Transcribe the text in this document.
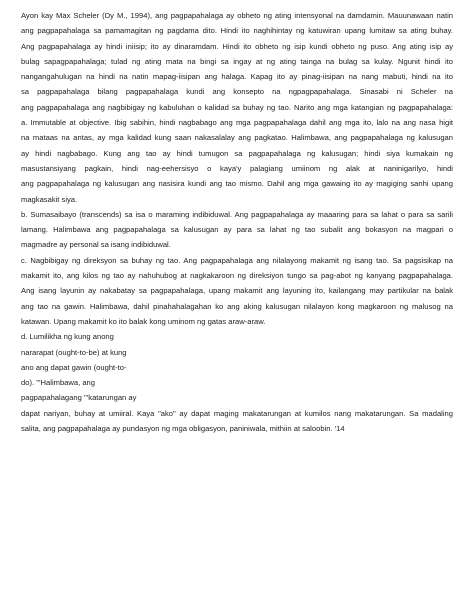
Ayon kay Max Scheler (Dy M., 1994), ang pagpapahalaga ay obheto ng ating intensyonal na damdamin. Mauunawaan natin
ang pagpapahalaga sa pamamagitan ng pagdama dito. Hindi ito naghihintay ng katuwiran upang lumitaw sa ating buhay.
Ang pagpapahalaga ay hindi iniisip; ito ay dinaramdam. Hindi ito obheto ng isip kundi obheto ng puso. Ang ating isip ay
bulag sapagpapahalaga; tulad ng ating mata na bingi sa ingay at ng ating tainga na bulag sa kulay. Ngunit hindi ito
nangangahulugan na hindi na natin mapag-iisipan ang halaga. Kapag ito ay pinag-iisipan na nang mabuti, hindi na ito
sa pagpapahalaga bilang pagpapahalaga kundi ang konsepto na ngpagpapahalaga. Sinasabi ni Scheler na
ang pagpapahalaga ang nagbibigay ng kabuluhan o kalidad sa buhay ng tao. Narito ang mga katangian ng pagpapahalaga:
a. Immutable at objective. Ibig sabihin, hindi nagbabago ang mga pagpapahalaga dahil ang mga ito, lalo na ang nasa higit
na mataas na antas, ay mga kalidad kung saan nakasalalay ang pagkatao. Halimbawa, ang pagpapahalaga ng kalusugan
ay hindi nagbabago. Kung ang tao ay hindi tumugon sa pagpapahalaga ng kalusugan; hindi siya kumakain ng
masustansiyang pagkain, hindi nag-eehersisyo o kaya'y palagiang umiinom ng alak at naninigarilyo, hindi
ang pagpapahalaga ng kalusugan ang nasisira kundi ang tao mismo. Dahil ang mga gawaing ito ay magiging sanhi upang
magkasakit siya.
b. Sumasaibayo (transcends) sa isa o maraming indibiduwal. Ang pagpapahalaga ay maaaring para sa lahat o para sa sarili
lamang. Halimbawa ang pagpapahalaga sa kalusugan ay para sa lahat ng tao subalit ang bokasyon na magpari o
magmadre ay personal sa isang indibiduwal.
c. Nagbibigay ng direksyon sa buhay ng tao. Ang pagpapahalaga ang nilalayong makamit ng isang tao. Sa pagsisikap na
makamit ito, ang kilos ng tao ay nahuhubog at nagkakaroon ng direksiyon tungo sa pag-abot ng kanyang pagpapahalaga.
Ang isang layunin ay nakabatay sa pagpapahalaga, upang makamit ang layuning ito, kailangang may partikular na balak
ang tao na gawin. Halimbawa, dahil pinahahalagahan ko ang aking kalusugan nilalayon kong magkaroon ng malusog na
katawan. Upang makamit ko ito balak kong uminom ng gatas araw-araw.
d. Lumilikha ng kung anong
nararapat (ought-to-be) at kung
ano ang dapat gawin (ought-to-
do). '''Halimbawa, ang
pagpapahalagang '''katarungan ay
dapat nariyan, buhay at umiiral. Kaya "ako" ay dapat maging makatarungan at kumilos nang makatarungan. Sa madaling
salita, ang pagpapahalaga ay pundasyon ng mga obligasyon, paniniwala, mithiin at saloobin. '14
